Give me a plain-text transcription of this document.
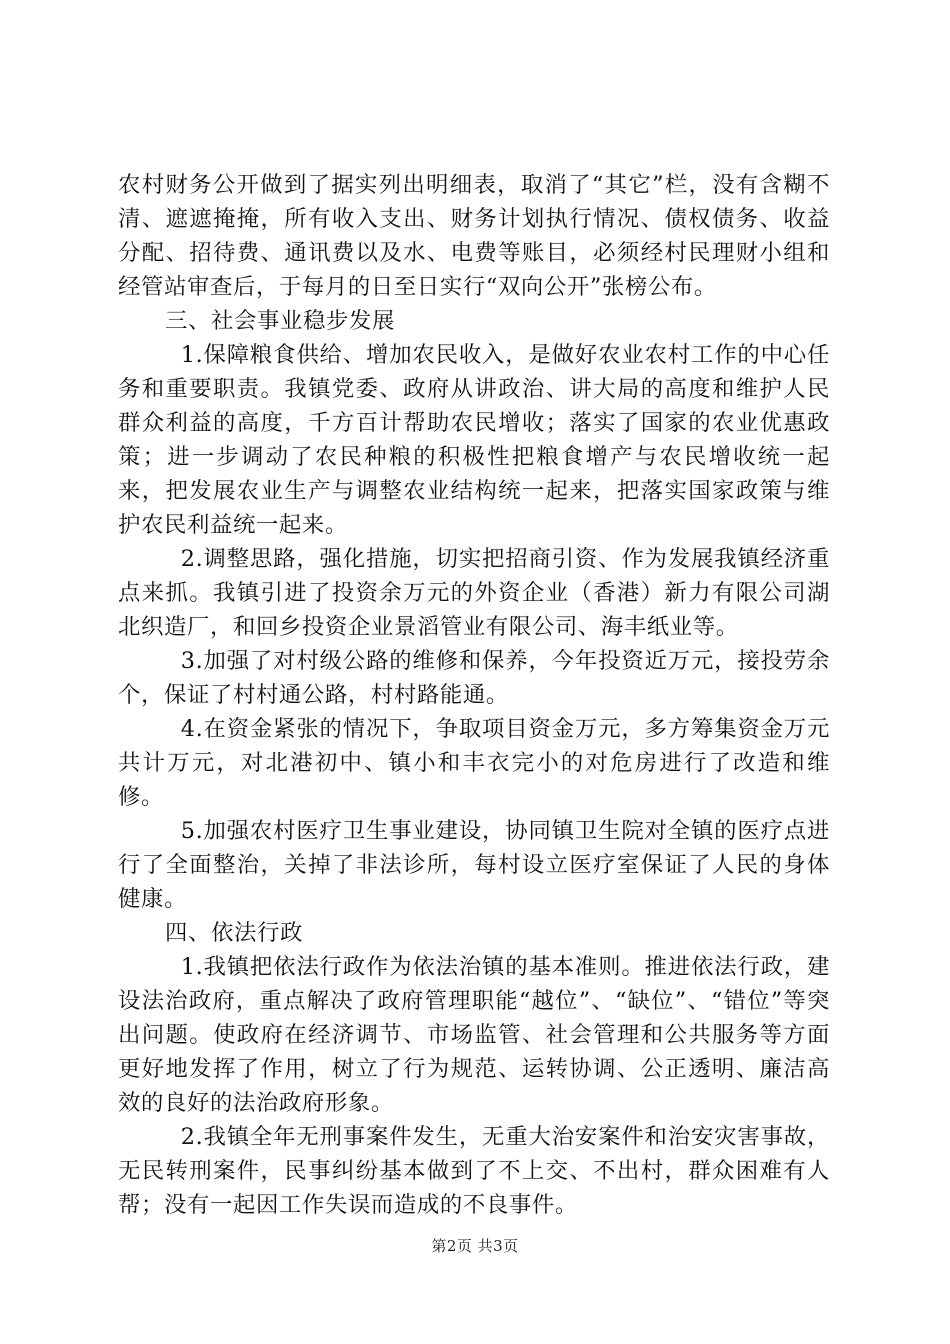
农村财务公开做到了据实列出明细表，取消了“其它”栏，没有含糊不清、遮遮掩掩，所有收入支出、财务计划执行情况、债权债务、收益分配、招待费、通讯费以及水、电费等账目，必须经村民理财小组和经管站审查后，于每月的日至日实行“双向公开”张榜公布。

三、社会事业稳步发展

1.保障粮食供给、增加农民收入，是做好农业农村工作的中心任务和重要职责。我镇党委、政府从讲政治、讲大局的高度和维护人民群众利益的高度，千方百计帮助农民增收；落实了国家的农业优惠政策；进一步调动了农民种粮的积极性把粮食增产与农民增收统一起来，把发展农业生产与调整农业结构统一起来，把落实国家政策与维护农民利益统一起来。

2.调整思路，强化措施，切实把招商引资、作为发展我镇经济重点来抓。我镇引进了投资余万元的外资企业（香港）新力有限公司湖北织造厂，和回乡投资企业景滔管业有限公司、海丰纸业等。

3.加强了对村级公路的维修和保养，今年投资近万元，接投劳余个，保证了村村通公路，村村路能通。

4.在资金紧张的情况下，争取项目资金万元，多方筹集资金万元共计万元，对北港初中、镇小和丰衣完小的对危房进行了改造和维修。

5.加强农村医疗卫生事业建设，协同镇卫生院对全镇的医疗点进行了全面整治，关掉了非法诊所，每村设立医疗室保证了人民的身体健康。

四、依法行政

1.我镇把依法行政作为依法治镇的基本准则。推进依法行政，建设法治政府，重点解决了政府管理职能“越位”、“缺位”、“错位”等突出问题。使政府在经济调节、市场监管、社会管理和公共服务等方面更好地发挥了作用，树立了行为规范、运转协调、公正透明、廉洁高效的良好的法治政府形象。

2.我镇全年无刑事案件发生，无重大治安案件和治安灾害事故，无民转刑案件，民事纠纷基本做到了不上交、不出村，群众困难有人帮；没有一起因工作失误而造成的不良事件。

第2页 共3页
